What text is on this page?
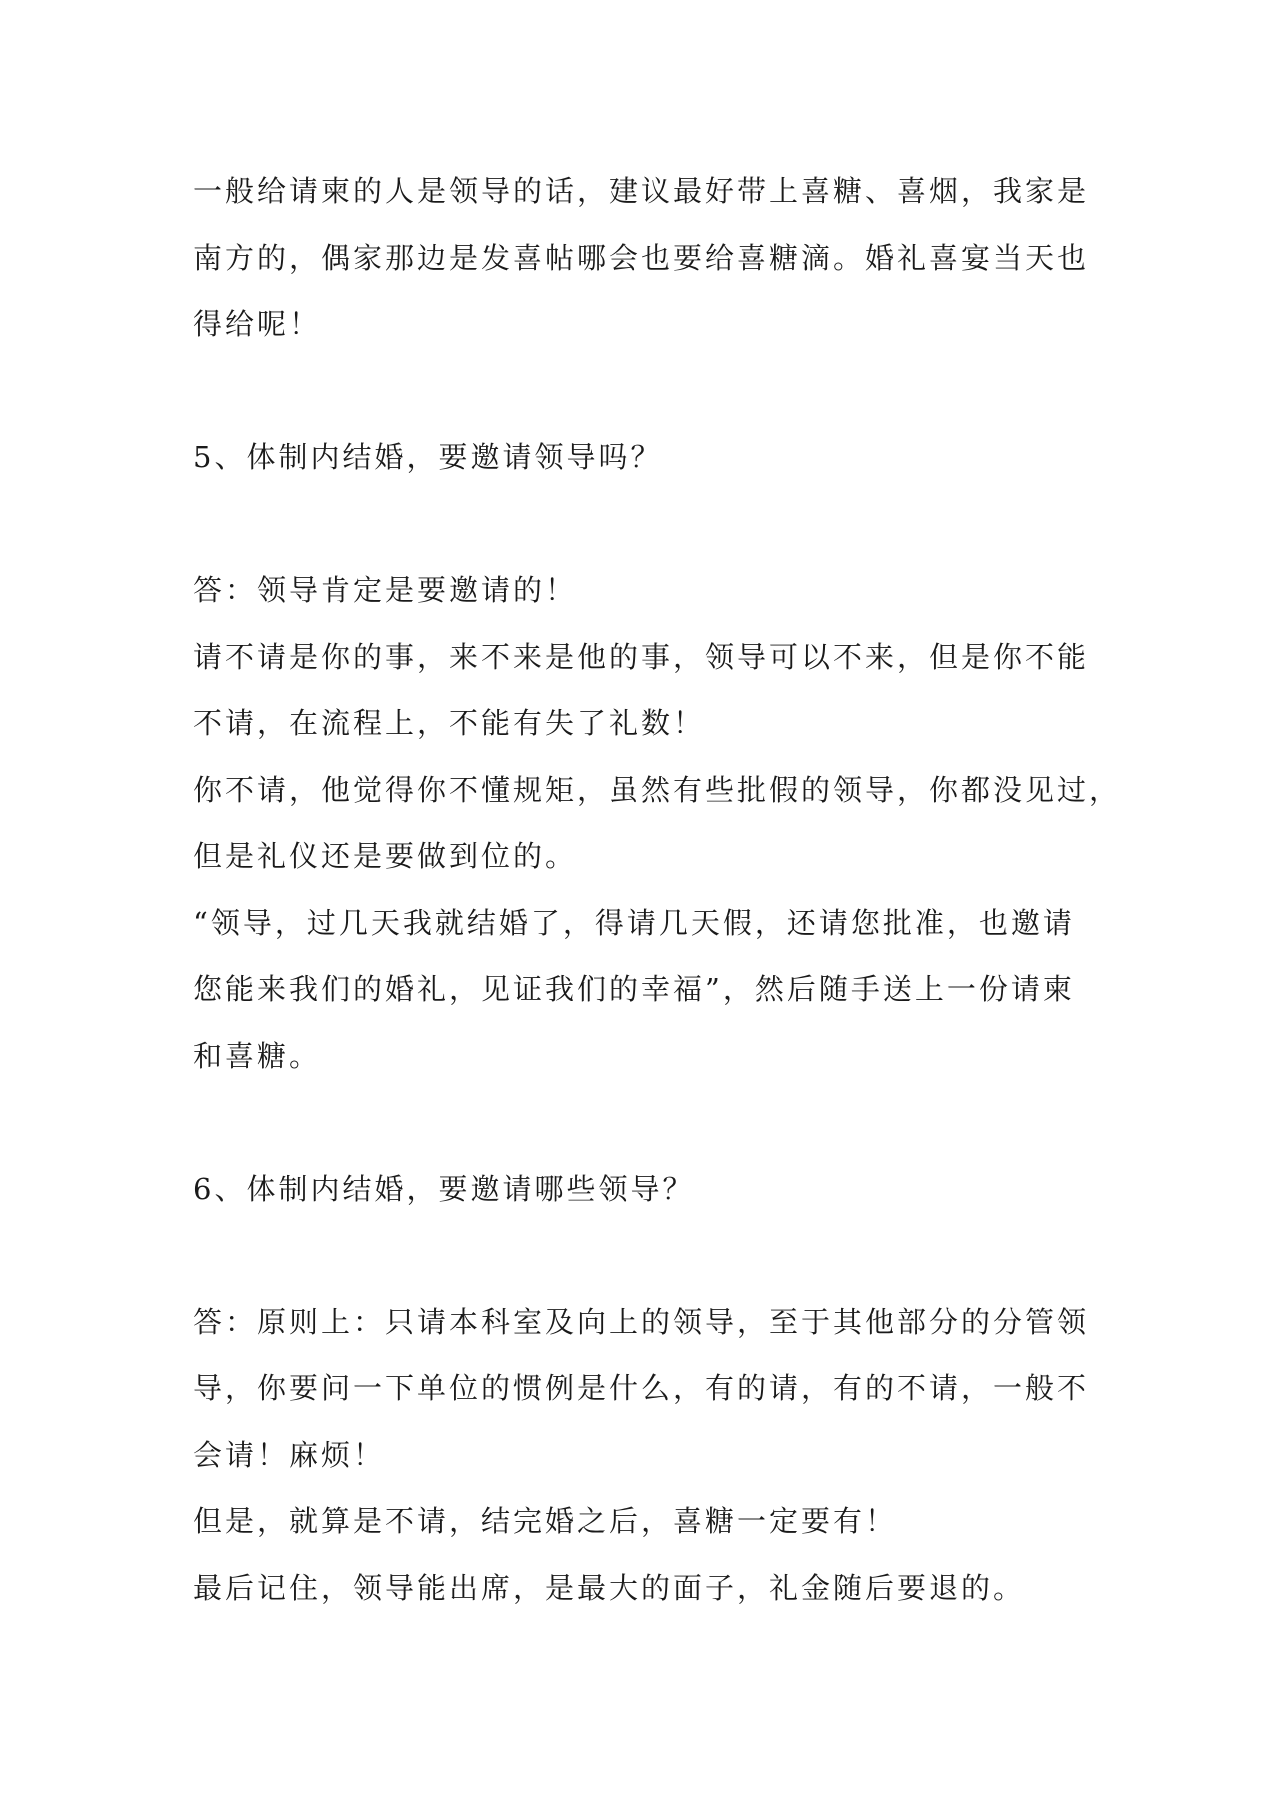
一般给请柬的人是领导的话，建议最好带上喜糖、喜烟，我家是
南方的，偶家那边是发喜帖哪会也要给喜糖滴。婚礼喜宴当天也
得给呢！
5、体制内结婚，要邀请领导吗？
答：领导肯定是要邀请的！
请不请是你的事，来不来是他的事，领导可以不来，但是你不能
不请，在流程上，不能有失了礼数！
你不请，他觉得你不懂规矩，虽然有些批假的领导，你都没见过，
但是礼仪还是要做到位的。
“领导，过几天我就结婚了，得请几天假，还请您批准，也邀请
您能来我们的婚礼，见证我们的幸福”，然后随手送上一份请柬
和喜糖。
6、体制内结婚，要邀请哪些领导？
答：原则上：只请本科室及向上的领导，至于其他部分的分管领
导，你要问一下单位的惯例是什么，有的请，有的不请，一般不
会请！麻烦！
但是，就算是不请，结完婚之后，喜糖一定要有！
最后记住，领导能出席，是最大的面子，礼金随后要退的。
